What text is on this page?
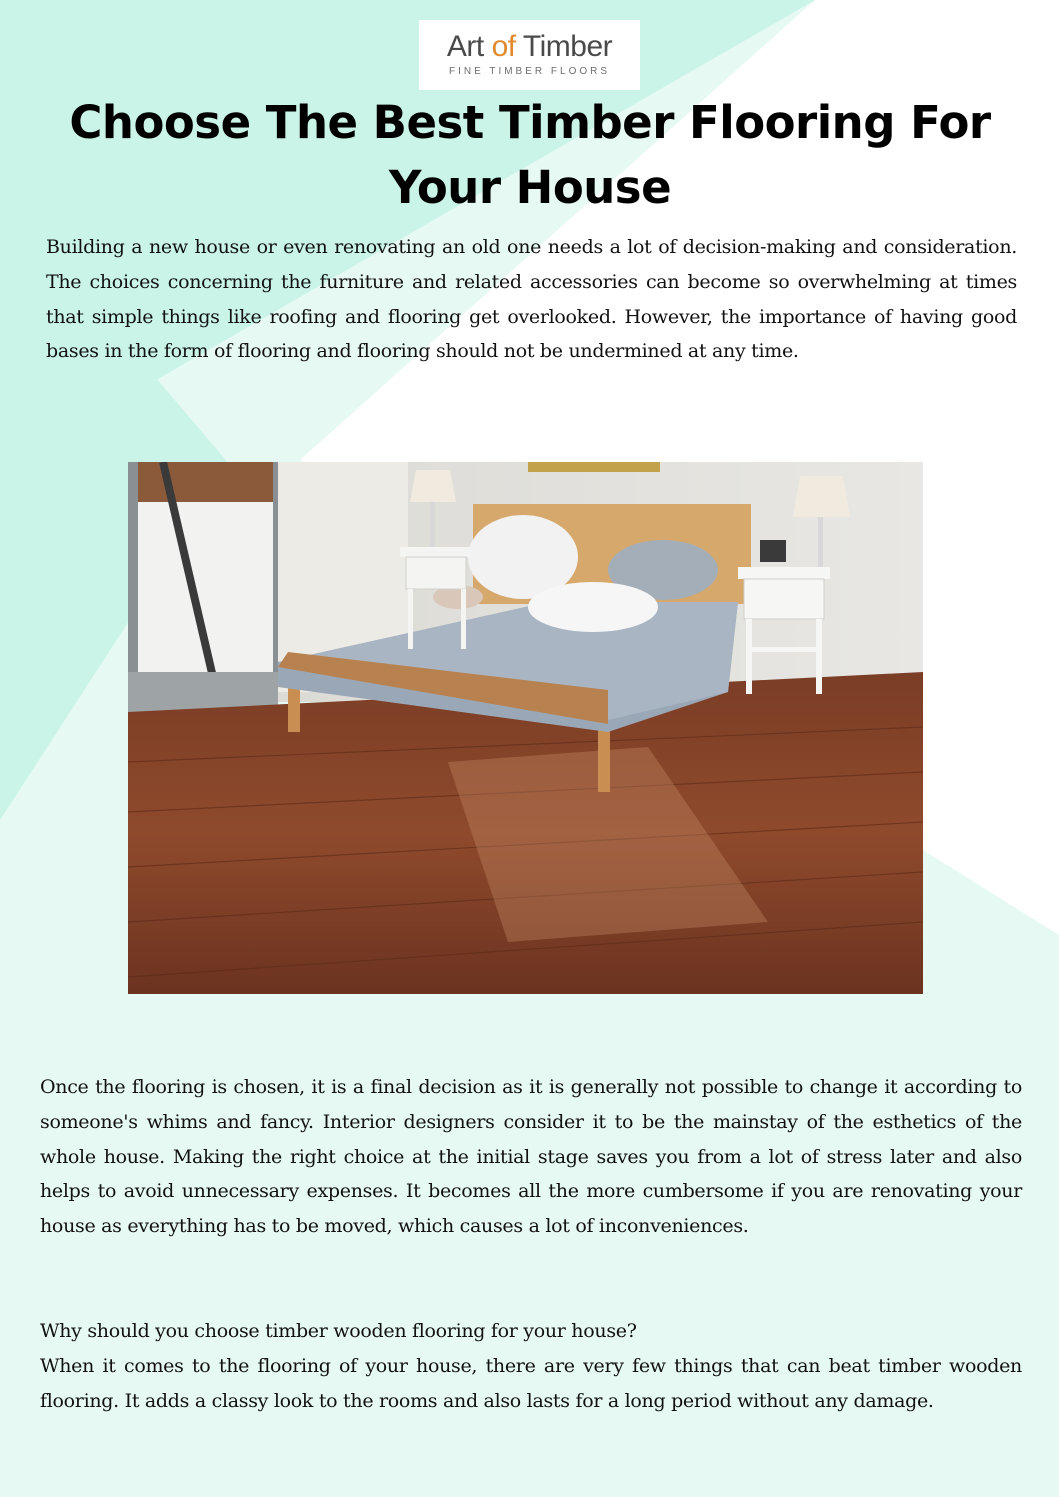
Art of Timber
FINE TIMBER FLOORS
Choose The Best Timber Flooring For Your House

Building a new house or even renovating an old one needs a lot of decision-making and consideration. The choices concerning the furniture and related accessories can become so overwhelming at times that simple things like roofing and flooring get overlooked. However, the importance of having good bases in the form of flooring and flooring should not be undermined at any time.

Once the flooring is chosen, it is a final decision as it is generally not possible to change it according to someone's whims and fancy. Interior designers consider it to be the mainstay of the esthetics of the whole house. Making the right choice at the initial stage saves you from a lot of stress later and also helps to avoid unnecessary expenses. It becomes all the more cumbersome if you are renovating your house as everything has to be moved, which causes a lot of inconveniences.

Why should you choose timber wooden flooring for your house?
When it comes to the flooring of your house, there are very few things that can beat timber wooden flooring. It adds a classy look to the rooms and also lasts for a long period without any damage.
